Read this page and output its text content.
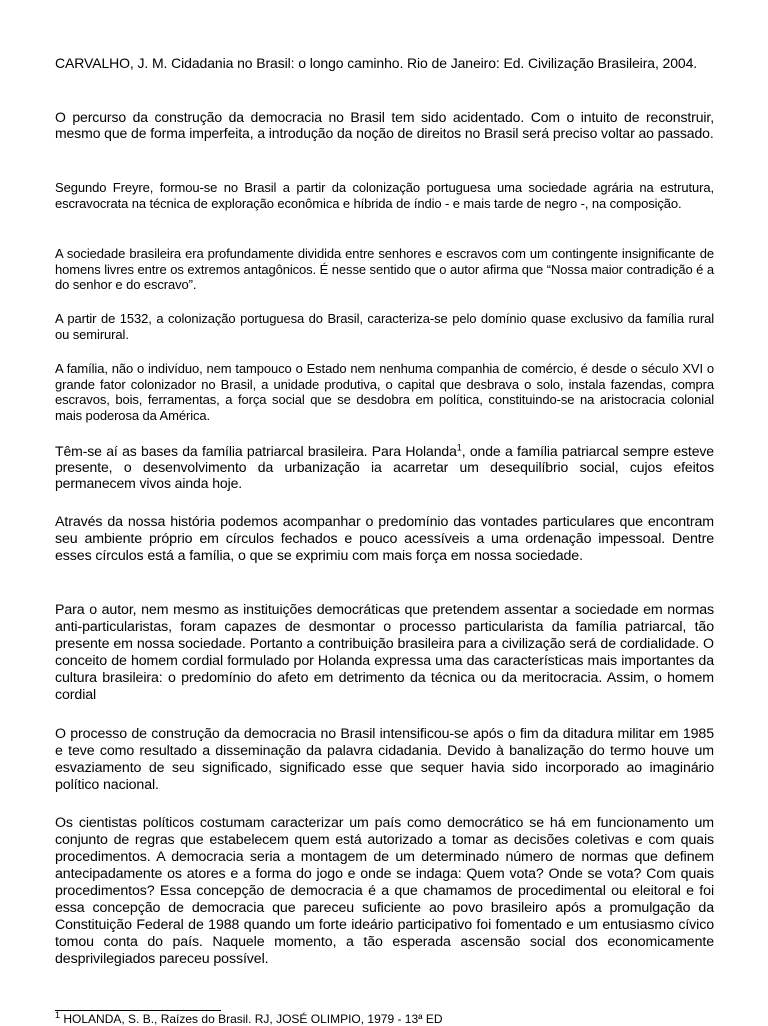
CARVALHO, J. M. Cidadania no Brasil: o longo caminho. Rio de Janeiro: Ed. Civilização Brasileira, 2004.

O percurso da construção da democracia no Brasil tem sido acidentado. Com o intuito de reconstruir, mesmo que de forma imperfeita, a introdução da noção de direitos no Brasil será preciso voltar ao passado.

Segundo Freyre, formou-se no Brasil a partir da colonização portuguesa uma sociedade agrária na estrutura, escravocrata na técnica de exploração econômica e híbrida de índio - e mais tarde de negro -, na composição.

A sociedade brasileira era profundamente dividida entre senhores e escravos com um contingente insignificante de homens livres entre os extremos antagônicos. É nesse sentido que o autor afirma que “Nossa maior contradição é a do senhor e do escravo”.

A partir de 1532, a colonização portuguesa do Brasil, caracteriza-se pelo domínio quase exclusivo da família rural ou semirural.

A família, não o indivíduo, nem tampouco o Estado nem nenhuma companhia de comércio, é desde o século XVI o grande fator colonizador no Brasil, a unidade produtiva, o capital que desbrava o solo, instala fazendas, compra escravos, bois, ferramentas, a força social que se desdobra em política, constituindo-se na aristocracia colonial mais poderosa da América.

Têm-se aí as bases da família patriarcal brasileira. Para Holanda$^1$, onde a família patriarcal sempre esteve presente, o desenvolvimento da urbanização ia acarretar um desequilíbrio social, cujos efeitos permanecem vivos ainda hoje.

Através da nossa história podemos acompanhar o predomínio das vontades particulares que encontram seu ambiente próprio em círculos fechados e pouco acessíveis a uma ordenação impessoal. Dentre esses círculos está a família, o que se exprimiu com mais força em nossa sociedade.

Para o autor, nem mesmo as instituições democráticas que pretendem assentar a sociedade em normas anti-particularistas, foram capazes de desmontar o processo particularista da família patriarcal, tão presente em nossa sociedade. Portanto a contribuição brasileira para a civilização será de cordialidade. O conceito de homem cordial formulado por Holanda expressa uma das características mais importantes da cultura brasileira: o predomínio do afeto em detrimento da técnica ou da meritocracia. Assim, o homem cordial

O processo de construção da democracia no Brasil intensificou-se após o fim da ditadura militar em 1985 e teve como resultado a disseminação da palavra cidadania. Devido à banalização do termo houve um esvaziamento de seu significado, significado esse que sequer havia sido incorporado ao imaginário político nacional.

Os cientistas políticos costumam caracterizar um país como democrático se há em funcionamento um conjunto de regras que estabelecem quem está autorizado a tomar as decisões coletivas e com quais procedimentos. A democracia seria a montagem de um determinado número de normas que definem antecipadamente os atores e a forma do jogo e onde se indaga: Quem vota? Onde se vota? Com quais procedimentos? Essa concepção de democracia é a que chamamos de procedimental ou eleitoral e foi essa concepção de democracia que pareceu suficiente ao povo brasileiro após a promulgação da Constituição Federal de 1988 quando um forte ideário participativo foi fomentado e um entusiasmo cívico tomou conta do país. Naquele momento, a tão esperada ascensão social dos economicamente desprivilegiados pareceu possível.

$^1$ HOLANDA, S. B., Raízes do Brasil. RJ, JOSÉ OLIMPIO, 1979 - 13ª ED
